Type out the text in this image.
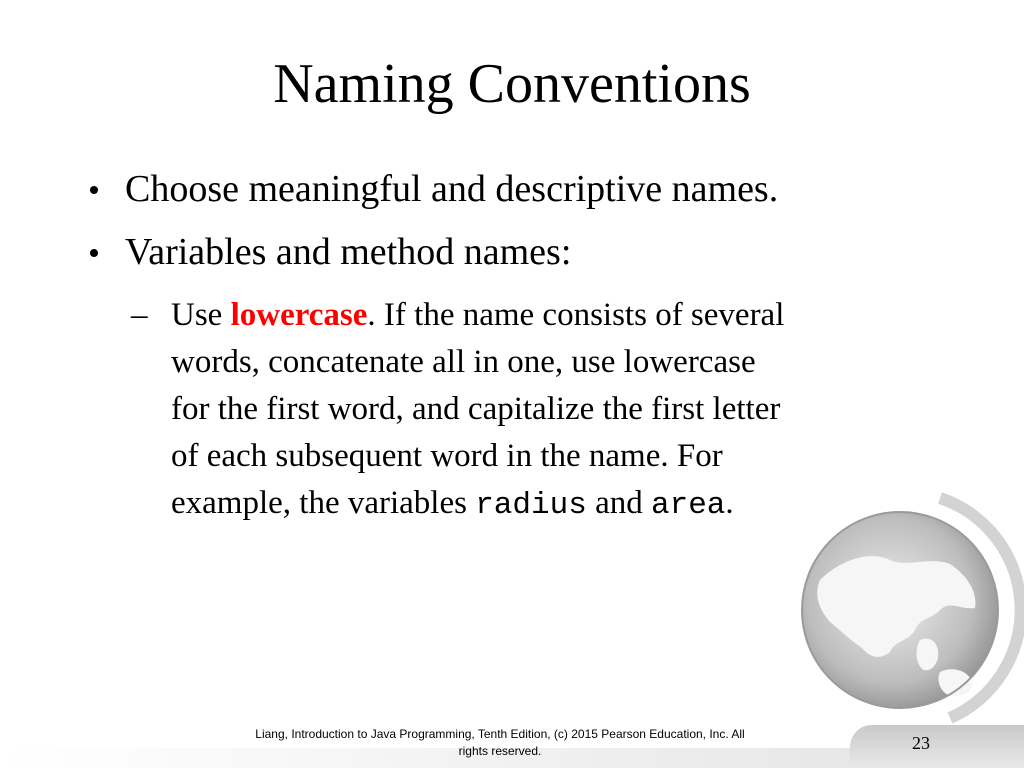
Naming Conventions
Choose meaningful and descriptive names.
Variables and method names:
– Use lowercase. If the name consists of several
words, concatenate all in one, use lowercase
for the first word, and capitalize the first letter
of each subsequent word in the name. For
example, the variables radius and area.
Liang, Introduction to Java Programming, Tenth Edition, (c) 2015 Pearson Education, Inc. All
rights reserved.	23
